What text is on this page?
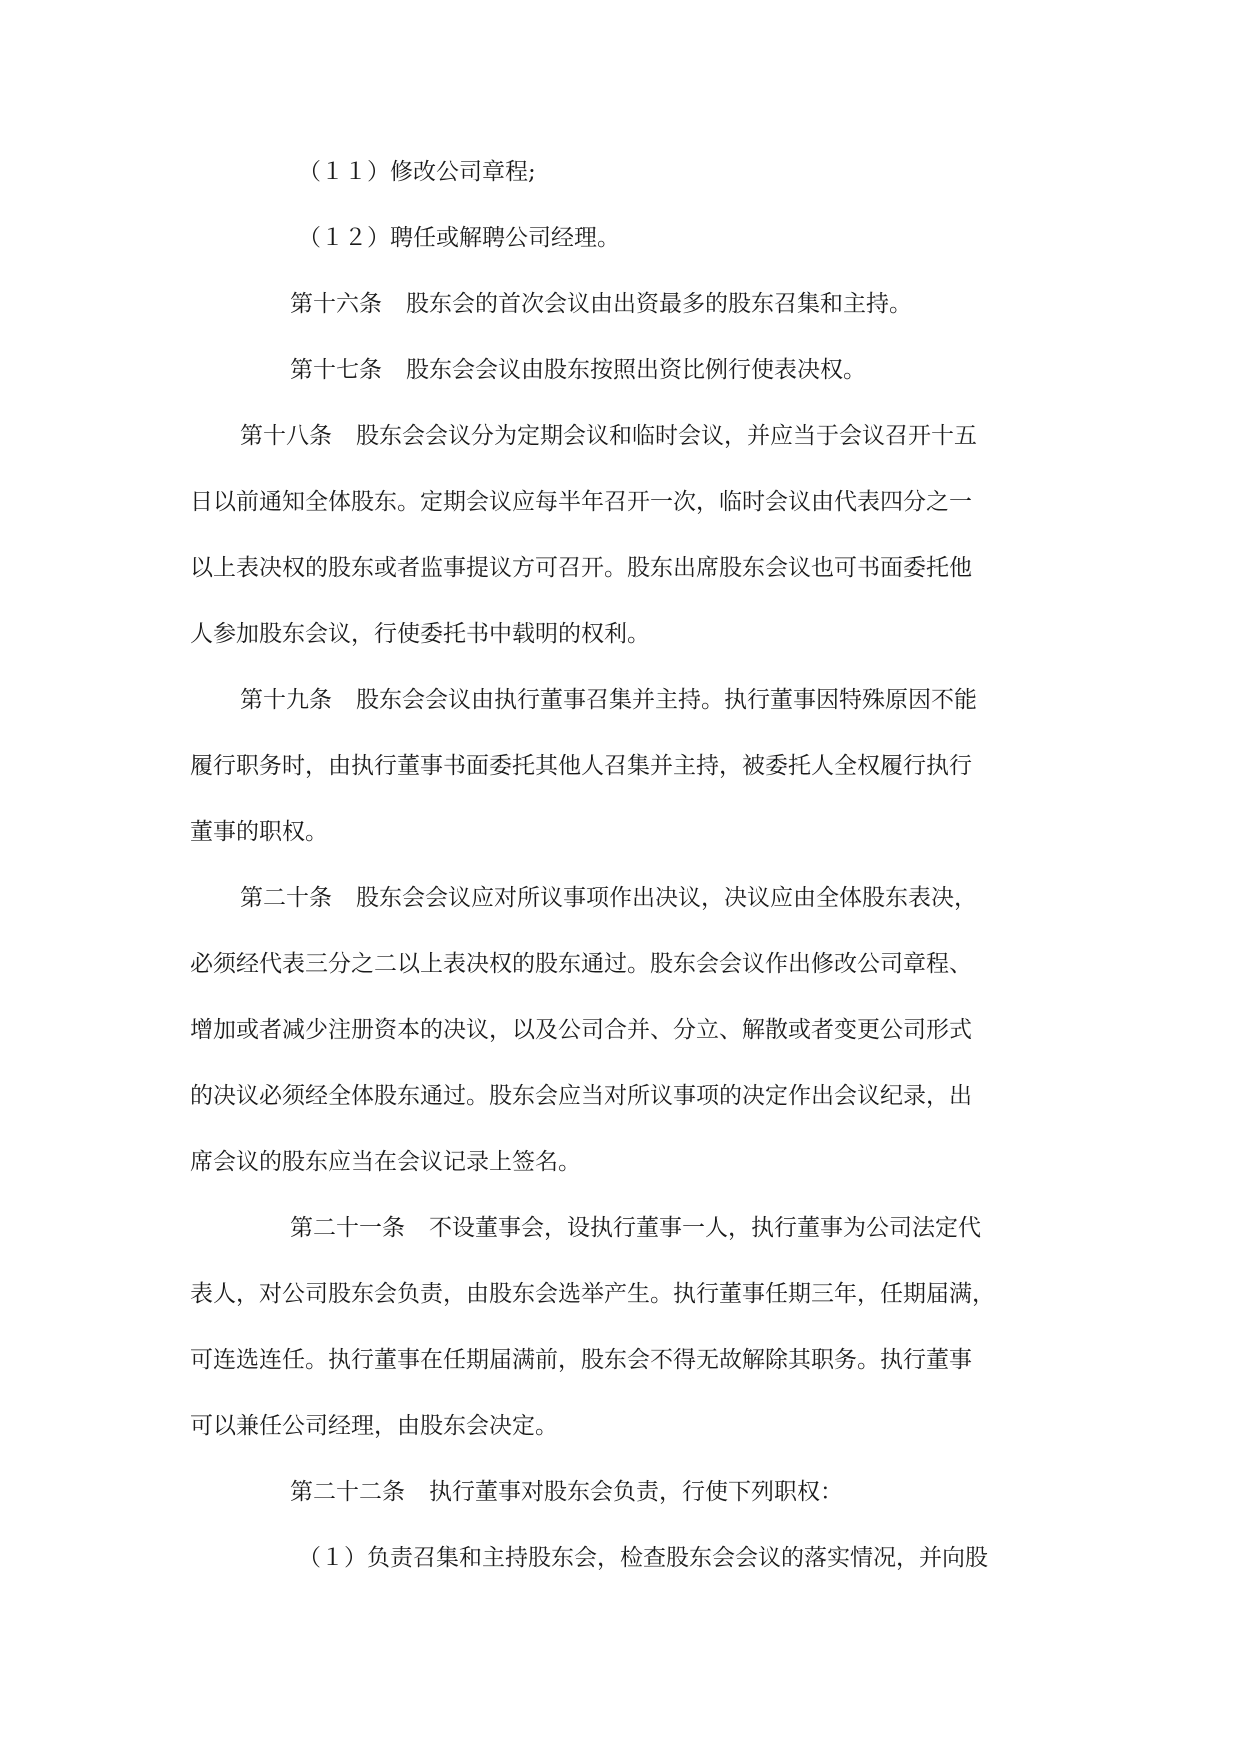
（１１）修改公司章程;
（１２）聘任或解聘公司经理。
第十六条 股东会的首次会议由出资最多的股东召集和主持。
第十七条 股东会会议由股东按照出资比例行使表决权。
第十八条 股东会会议分为定期会议和临时会议，并应当于会议召开十五
日以前通知全体股东。定期会议应每半年召开一次，临时会议由代表四分之一
以上表决权的股东或者监事提议方可召开。股东出席股东会议也可书面委托他
人参加股东会议，行使委托书中载明的权利。
第十九条 股东会会议由执行董事召集并主持。执行董事因特殊原因不能
履行职务时，由执行董事书面委托其他人召集并主持，被委托人全权履行执行
董事的职权。
第二十条 股东会会议应对所议事项作出决议，决议应由全体股东表决，
必须经代表三分之二以上表决权的股东通过。股东会会议作出修改公司章程、
增加或者减少注册资本的决议，以及公司合并、分立、解散或者变更公司形式
的决议必须经全体股东通过。股东会应当对所议事项的决定作出会议纪录，出
席会议的股东应当在会议记录上签名。
第二十一条 不设董事会，设执行董事一人，执行董事为公司法定代
表人，对公司股东会负责，由股东会选举产生。执行董事任期三年，任期届满，
可连选连任。执行董事在任期届满前，股东会不得无故解除其职务。执行董事
可以兼任公司经理，由股东会决定。
第二十二条 执行董事对股东会负责，行使下列职权：
（１）负责召集和主持股东会，检查股东会会议的落实情况，并向股
